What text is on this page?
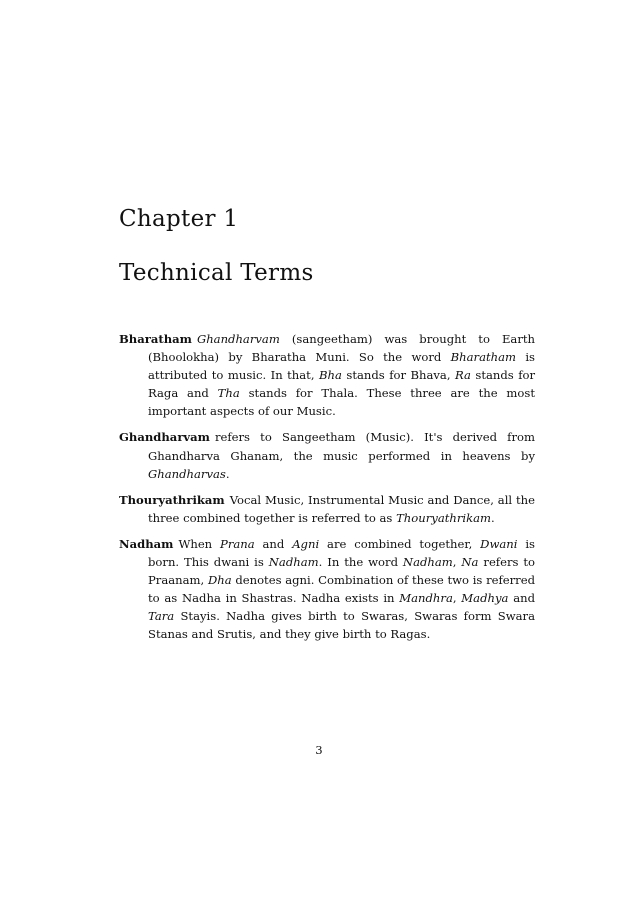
Chapter 1
Technical Terms

Bharatham Ghandharvam (sangeetham) was brought to Earth (Bhoolokha) by Bharatha Muni. So the word Bharatham is attributed to music. In that, Bha stands for Bhava, Ra stands for Raga and Tha stands for Thala. These three are the most important aspects of our Music.

Ghandharvam refers to Sangeetham (Music). It's derived from Ghandharva Ghanam, the music performed in heavens by Ghandharvas.

Thouryathrikam Vocal Music, Instrumental Music and Dance, all the three combined together is referred to as Thouryathrikam.

Nadham When Prana and Agni are combined together, Dwani is born. This dwani is Nadham. In the word Nadham, Na refers to Praanam, Dha denotes agni. Combination of these two is referred to as Nadha in Shastras. Nadha exists in Mandhra, Madhya and Tara Stayis. Nadha gives birth to Swaras, Swaras form Swara Stanas and Srutis, and they give birth to Ragas.

3
